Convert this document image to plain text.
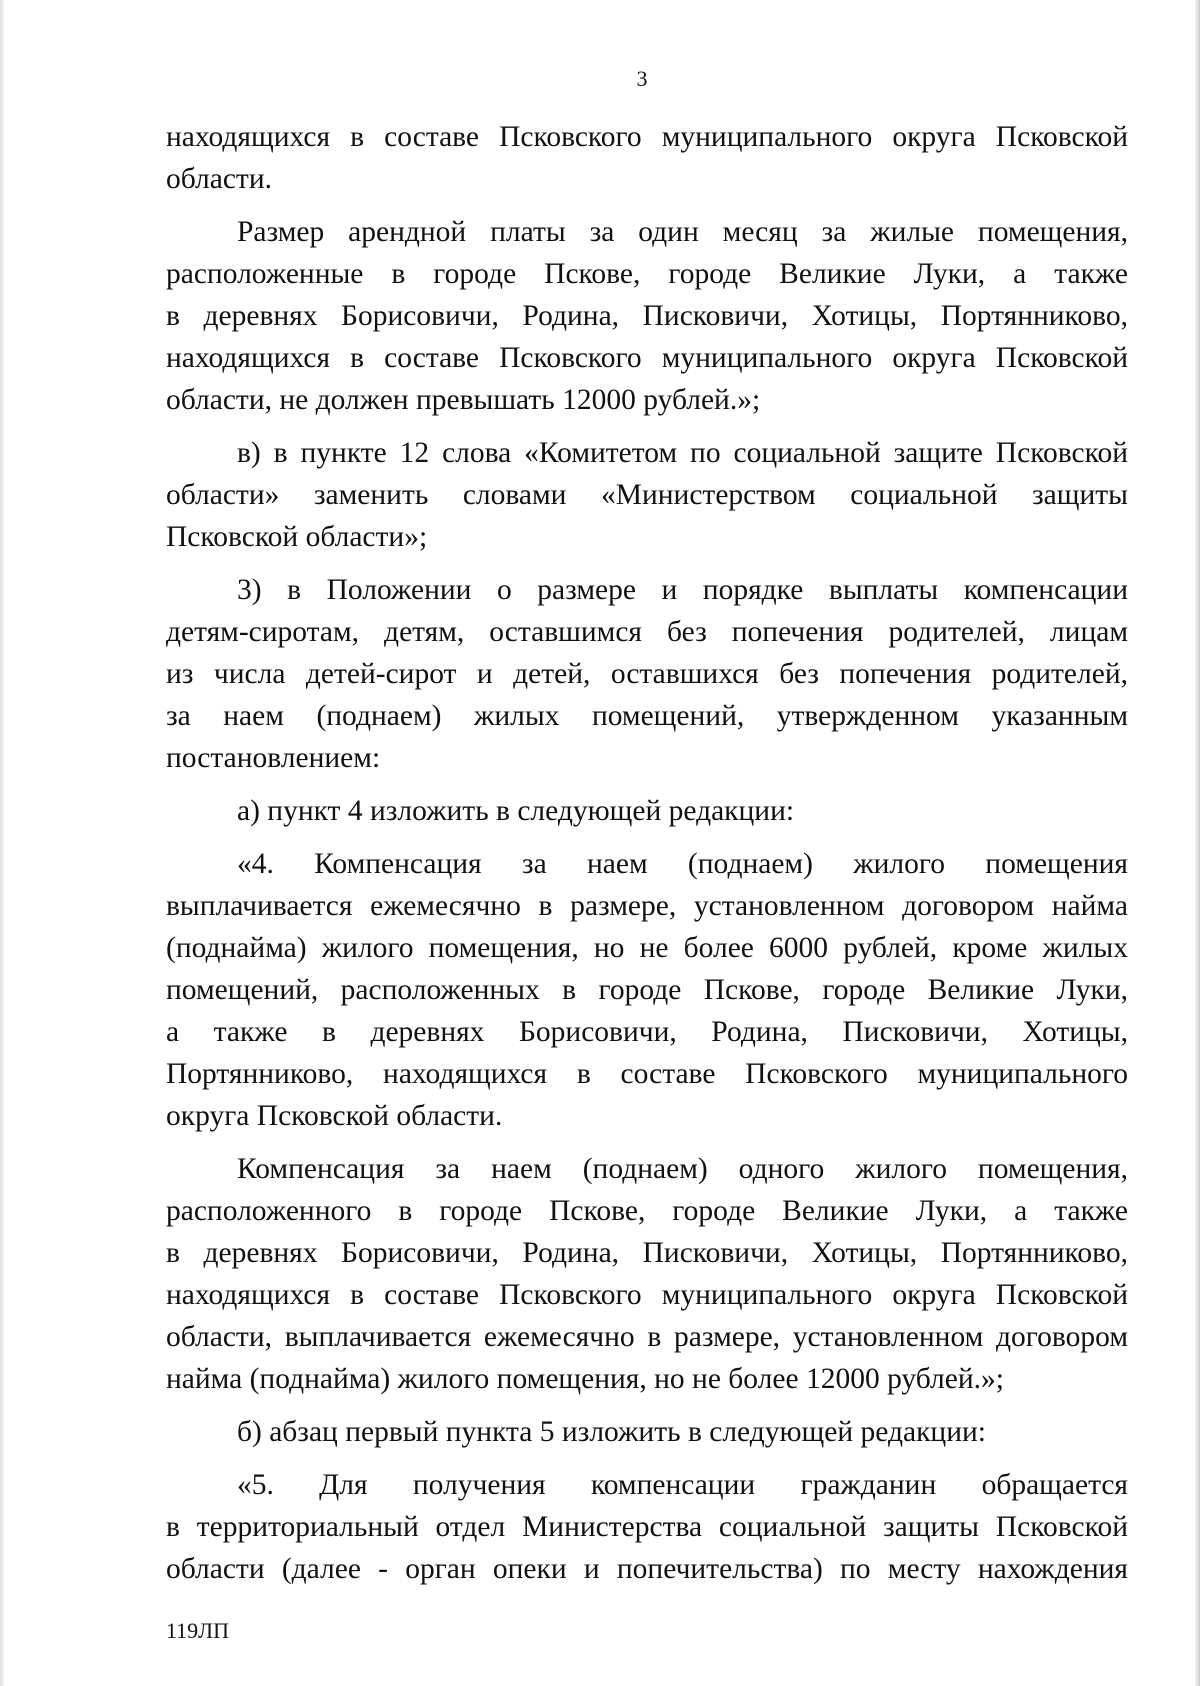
3
находящихся в составе Псковского муниципального округа Псковской
области.
Размер арендной платы за один месяц за жилые помещения,
расположенные в городе Пскове, городе Великие Луки, а также
в деревнях Борисовичи, Родина, Писковичи, Хотицы, Портянниково,
находящихся в составе Псковского муниципального округа Псковской
области, не должен превышать 12000 рублей.»;
в) в пункте 12 слова «Комитетом по социальной защите Псковской
области» заменить словами «Министерством социальной защиты
Псковской области»;
3) в Положении о размере и порядке выплаты компенсации
детям-сиротам, детям, оставшимся без попечения родителей, лицам
из числа детей-сирот и детей, оставшихся без попечения родителей,
за наем (поднаем) жилых помещений, утвержденном указанным
постановлением:
а) пункт 4 изложить в следующей редакции:
«4. Компенсация за наем (поднаем) жилого помещения
выплачивается ежемесячно в размере, установленном договором найма
(поднайма) жилого помещения, но не более 6000 рублей, кроме жилых
помещений, расположенных в городе Пскове, городе Великие Луки,
а также в деревнях Борисовичи, Родина, Писковичи, Хотицы,
Портянниково, находящихся в составе Псковского муниципального
округа Псковской области.
Компенсация за наем (поднаем) одного жилого помещения,
расположенного в городе Пскове, городе Великие Луки, а также
в деревнях Борисовичи, Родина, Писковичи, Хотицы, Портянниково,
находящихся в составе Псковского муниципального округа Псковской
области, выплачивается ежемесячно в размере, установленном договором
найма (поднайма) жилого помещения, но не более 12000 рублей.»;
б) абзац первый пункта 5 изложить в следующей редакции:
«5. Для получения компенсации гражданин обращается
в территориальный отдел Министерства социальной защиты Псковской
области (далее - орган опеки и попечительства) по месту нахождения
119ЛП
